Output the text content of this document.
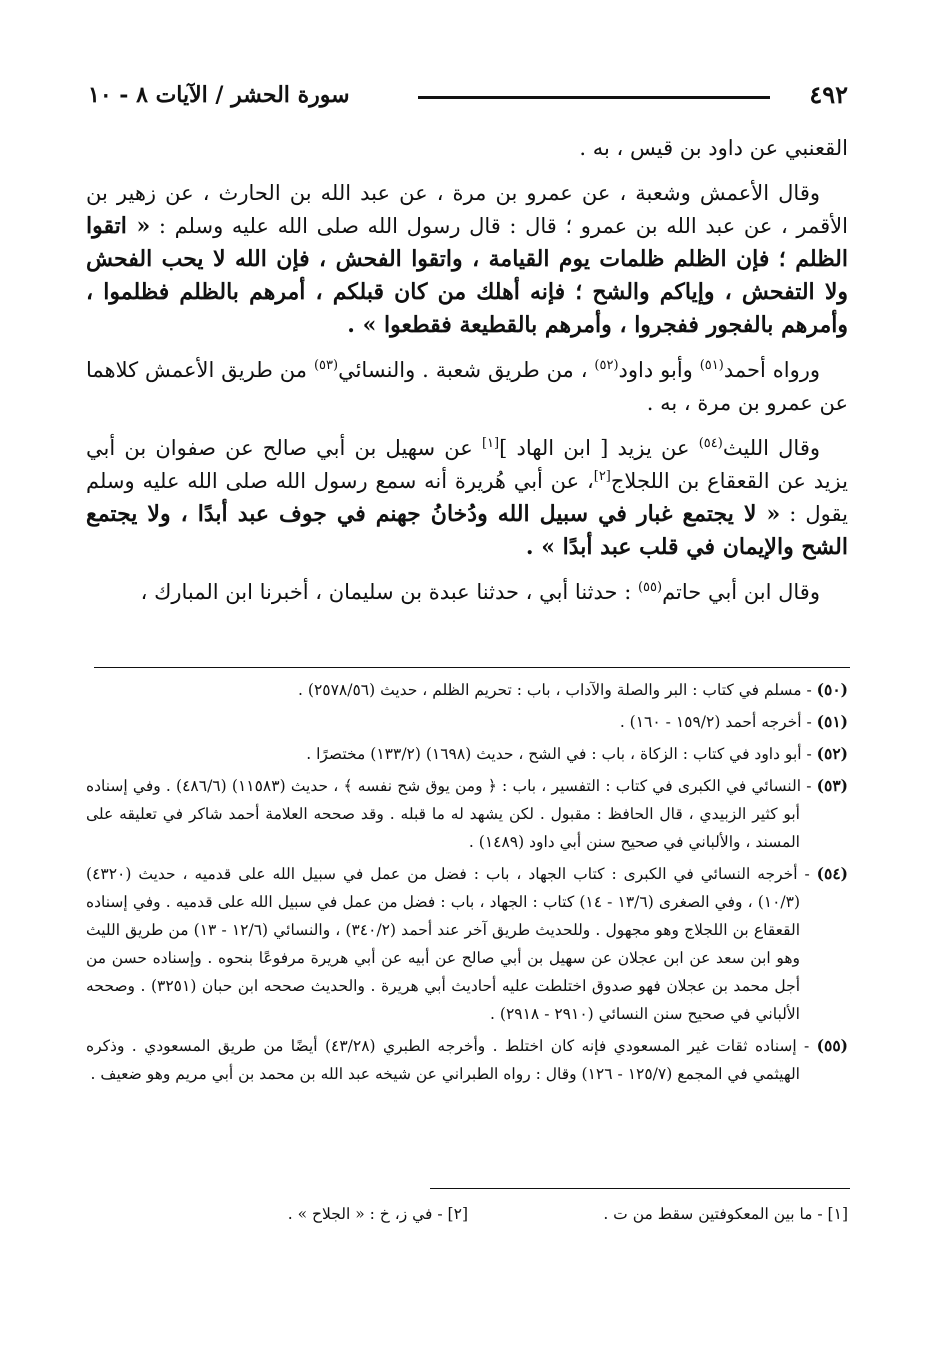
٤٩٢
سورة الحشر / الآيات ٨ - ١٠

القعنبي عن داود بن قيس ، به .

وقال الأعمش وشعبة ، عن عمرو بن مرة ، عن عبد الله بن الحارث ، عن زهير بن الأقمر ، عن عبد الله بن عمرو ؛ قال : قال رسول الله صلى الله عليه وسلم : « اتقوا الظلم ؛ فإن الظلم ظلمات يوم القيامة ، واتقوا الفحش ، فإن الله لا يحب الفحش ولا التفحش ، وإياكم والشح ؛ فإنه أهلك من كان قبلكم ، أمرهم بالظلم فظلموا ، وأمرهم بالفجور ففجروا ، وأمرهم بالقطيعة فقطعوا » .

ورواه أحمد$^{(٥١)}$ وأبو داود$^{(٥٢)}$ ، من طريق شعبة . والنسائي$^{(٥٣)}$ من طريق الأعمش كلاهما عن عمرو بن مرة ، به .

وقال الليث$^{(٥٤)}$ عن يزيد [ ابن الهاد ][١] عن سهيل بن أبي صالح عن صفوان بن أبي يزيد عن القعقاع بن اللجلاج[٢]، عن أبي هُريرة أنه سمع رسول الله صلى الله عليه وسلم يقول : « لا يجتمع غبار في سبيل الله ودُخانُ جهنم في جوف عبد أبدًا ، ولا يجتمع الشح والإيمان في قلب عبد أبدًا » .

وقال ابن أبي حاتم$^{(٥٥)}$ : حدثنا أبي ، حدثنا عبدة بن سليمان ، أخبرنا ابن المبارك ،

(٥٠) - مسلم في كتاب : البر والصلة والآداب ، باب : تحريم الظلم ، حديث (٢٥٧٨/٥٦) .

(٥١) - أخرجه أحمد (١٥٩/٢ - ١٦٠) .

(٥٢) - أبو داود في كتاب : الزكاة ، باب : في الشح ، حديث (١٦٩٨) (١٣٣/٢) مختصرًا .

(٥٣) - النسائي في الكبرى في كتاب : التفسير ، باب : ﴿ ومن يوق شح نفسه ﴾ ، حديث (١١٥٨٣) (٤٨٦/٦) . وفي إسناده أبو كثير الزبيدي ، قال الحافظ : مقبول . لكن يشهد له ما قبله . وقد صححه العلامة أحمد شاكر في تعليقه على المسند ، والألباني في صحيح سنن أبي داود (١٤٨٩) .

(٥٤) - أخرجه النسائي في الكبرى : كتاب الجهاد ، باب : فضل من عمل في سبيل الله على قدميه ، حديث (٤٣٢٠) (١٠/٣) ، وفي الصغرى (١٣/٦ - ١٤) كتاب : الجهاد ، باب : فضل من عمل في سبيل الله على قدميه . وفي إسناده القعقاع بن اللجلاج وهو مجهول . وللحديث طريق آخر عند أحمد (٣٤٠/٢) ، والنسائي (١٢/٦ - ١٣) من طريق الليث وهو ابن سعد عن ابن عجلان عن سهيل بن أبي صالح عن أبيه عن أبي هريرة مرفوعًا بنحوه . وإسناده حسن من أجل محمد بن عجلان فهو صدوق اختلطت عليه أحاديث أبي هريرة . والحديث صححه ابن حبان (٣٢٥١) . وصححه الألباني في صحيح سنن النسائي (٢٩١٠ - ٢٩١٨) .

(٥٥) - إسناده ثقات غير المسعودي فإنه كان اختلط . وأخرجه الطبري (٤٣/٢٨) أيضًا من طريق المسعودي . وذكره الهيثمي في المجمع (١٢٥/٧ - ١٢٦) وقال : رواه الطبراني عن شيخه عبد الله بن محمد بن أبي مريم وهو ضعيف .

[١] - ما بين المعكوفتين سقط من ت .
[٢] - في ز، خ : « الجلاح » .
